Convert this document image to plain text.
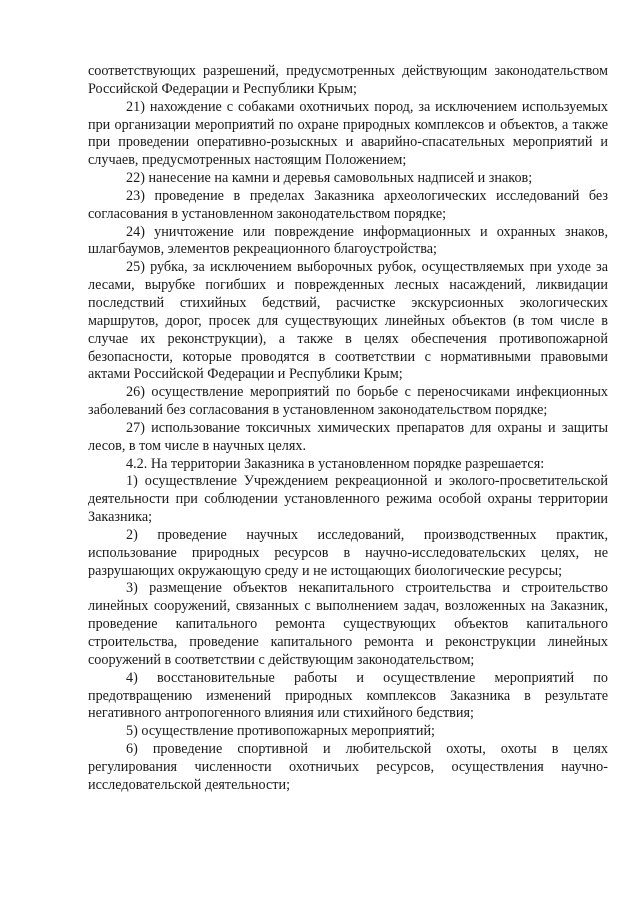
соответствующих разрешений, предусмотренных действующим законодательством Российской Федерации и Республики Крым;

21) нахождение с собаками охотничьих пород, за исключением используемых при организации мероприятий по охране природных комплексов и объектов, а также при проведении оперативно-розыскных и аварийно-спасательных мероприятий и случаев, предусмотренных настоящим Положением;

22) нанесение на камни и деревья самовольных надписей и знаков;

23) проведение в пределах Заказника археологических исследований без согласования в установленном законодательством порядке;

24) уничтожение или повреждение информационных и охранных знаков, шлагбаумов, элементов рекреационного благоустройства;

25) рубка, за исключением выборочных рубок, осуществляемых при уходе за лесами, вырубке погибших и поврежденных лесных насаждений, ликвидации последствий стихийных бедствий, расчистке экскурсионных экологических маршрутов, дорог, просек для существующих линейных объектов (в том числе в случае их реконструкции), а также в целях обеспечения противопожарной безопасности, которые проводятся в соответствии с нормативными правовыми актами Российской Федерации и Республики Крым;

26) осуществление мероприятий по борьбе с переносчиками инфекционных заболеваний без согласования в установленном законодательством порядке;

27) использование токсичных химических препаратов для охраны и защиты лесов, в том числе в научных целях.

4.2. На территории Заказника в установленном порядке разрешается:

1) осуществление Учреждением рекреационной и эколого-просветительской деятельности при соблюдении установленного режима особой охраны территории Заказника;

2) проведение научных исследований, производственных практик, использование природных ресурсов в научно-исследовательских целях, не разрушающих окружающую среду и не истощающих биологические ресурсы;

3) размещение объектов некапитального строительства и строительство линейных сооружений, связанных с выполнением задач, возложенных на Заказник, проведение капитального ремонта существующих объектов капитального строительства, проведение капитального ремонта и реконструкции линейных сооружений в соответствии с действующим законодательством;

4) восстановительные работы и осуществление мероприятий по предотвращению изменений природных комплексов Заказника в результате негативного антропогенного влияния или стихийного бедствия;

5) осуществление противопожарных мероприятий;

6) проведение спортивной и любительской охоты, охоты в целях регулирования численности охотничьих ресурсов, осуществления научно-исследовательской деятельности;
